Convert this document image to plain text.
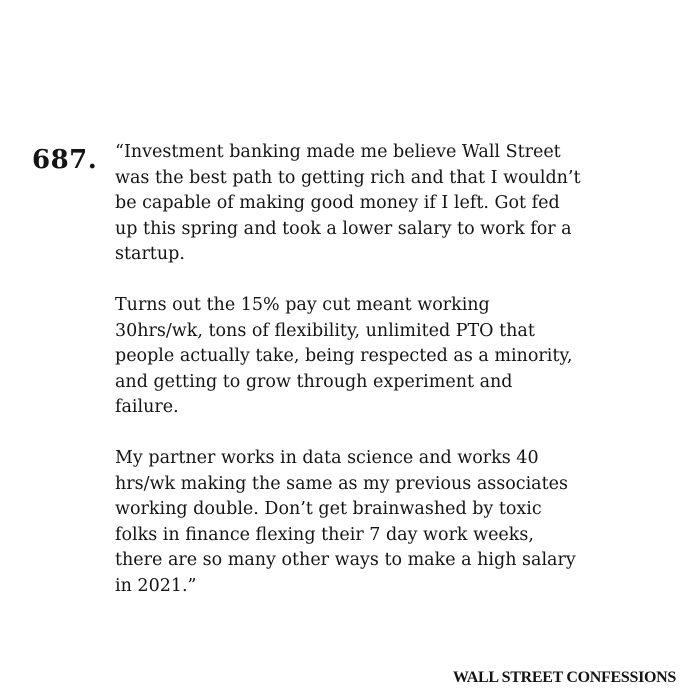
687. “Investment banking made me believe Wall Street
was the best path to getting rich and that I wouldn’t
be capable of making good money if I left. Got fed
up this spring and took a lower salary to work for a
startup.

Turns out the 15% pay cut meant working
30hrs/wk, tons of flexibility, unlimited PTO that
people actually take, being respected as a minority,
and getting to grow through experiment and
failure.

My partner works in data science and works 40
hrs/wk making the same as my previous associates
working double. Don’t get brainwashed by toxic
folks in finance flexing their 7 day work weeks,
there are so many other ways to make a high salary
in 2021.”

WALL STREET CONFESSIONS
